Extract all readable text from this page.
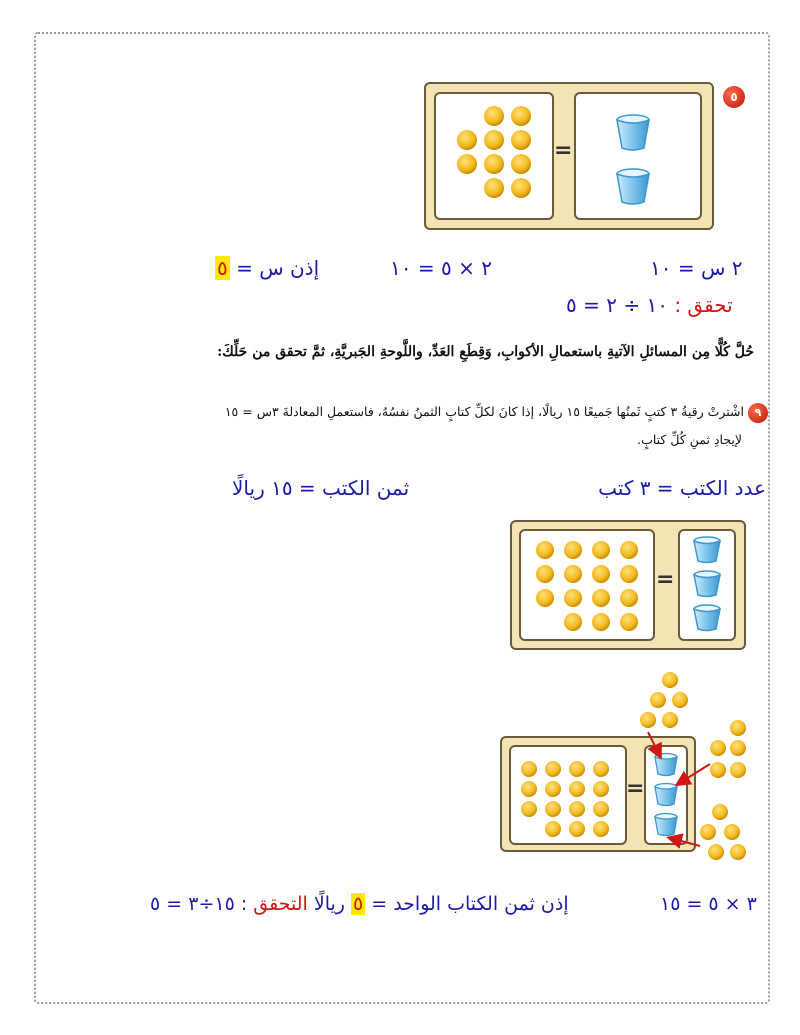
٥
=
٢ س = ١٠
٢ × ٥ = ١٠
إذن س = ٥
تحقق : ١٠ ÷ ٢ = ٥
حُلَّ كُلًّا مِن المسائلِ الآتيةِ باستعمالِ الأكوابِ، وَقِطَعِ العَدِّ، واللَّوحةِ الجَبريَّةِ، ثمَّ تحقق من حَلِّكَ:
٩
اشْترتْ رقيةُ ٣ كتبٍ ثَمنُها جَميعًا ١٥ ريالًا، إذا كانَ لكلِّ كتابٍ الثمنُ نفسُهُ، فاستعملِ المعادلةَ ٣س = ١٥
لإيجادِ ثمنِ كُلِّ كتابٍ.
عدد الكتب = ٣ كتب
ثمن الكتب = ١٥ ريالًا
=
=
٣ × ٥ = ١٥
إذن ثمن الكتاب الواحد = ٥ ريالًا التحقق : ١٥÷٣ = ٥
